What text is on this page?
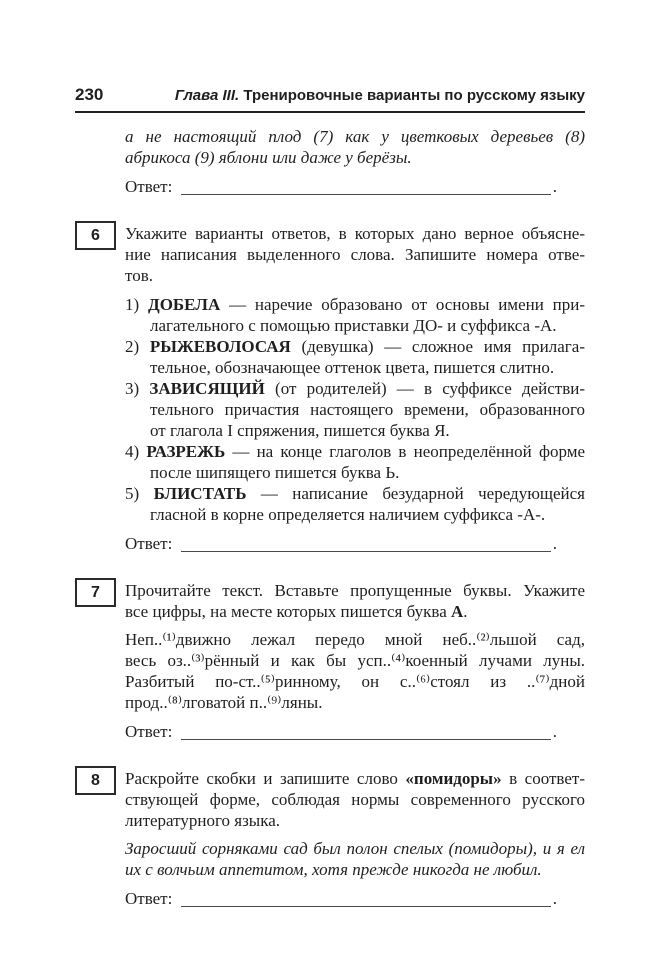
230	Глава III. Тренировочные варианты по русскому языку
а не настоящий плод (7) как у цветковых деревьев (8)
абрикоса (9) яблони или даже у берёзы.
Ответ:	.
6 Укажите варианты ответов, в которых дано верное объясне-
ние написания выделенного слова. Запишите номера отве-
тов.
1) ДОБЕЛА — наречие образовано от основы имени при-
лагательного с помощью приставки ДО- и суффикса -А.
2) РЫЖЕВОЛОСАЯ (девушка) — сложное имя прилага-
тельное, обозначающее оттенок цвета, пишется слитно.
3) ЗАВИСЯЩИЙ (от родителей) — в суффиксе действи-
тельного причастия настоящего времени, образованного
от глагола I спряжения, пишется буква Я.
4) РАЗРЕЖЬ — на конце глаголов в неопределённой форме
после шипящего пишется буква Ь.
5) БЛИСТАТЬ — написание безударной чередующейся
гласной в корне определяется наличием суффикса -А-.
Ответ:	.
7 Прочитайте текст. Вставьте пропущенные буквы. Укажите
все цифры, на месте которых пишется буква А.
Неп..⁽¹⁾движно лежал передо мной неб..⁽²⁾льшой сад,
весь оз..⁽³⁾рённый и как бы усп..⁽⁴⁾коенный лучами луны.
Разбитый по-ст..⁽⁵⁾ринному, он с..⁽⁶⁾стоял из ..⁽⁷⁾дной
прод..⁽⁸⁾лговатой п..⁽⁹⁾ляны.
Ответ:	.
8 Раскройте скобки и запишите слово «помидоры» в соответ-
ствующей форме, соблюдая нормы современного русского
литературного языка.
Заросший сорняками сад был полон спелых (помидоры), и я ел
их с волчьим аппетитом, хотя прежде никогда не любил.
Ответ:	.
